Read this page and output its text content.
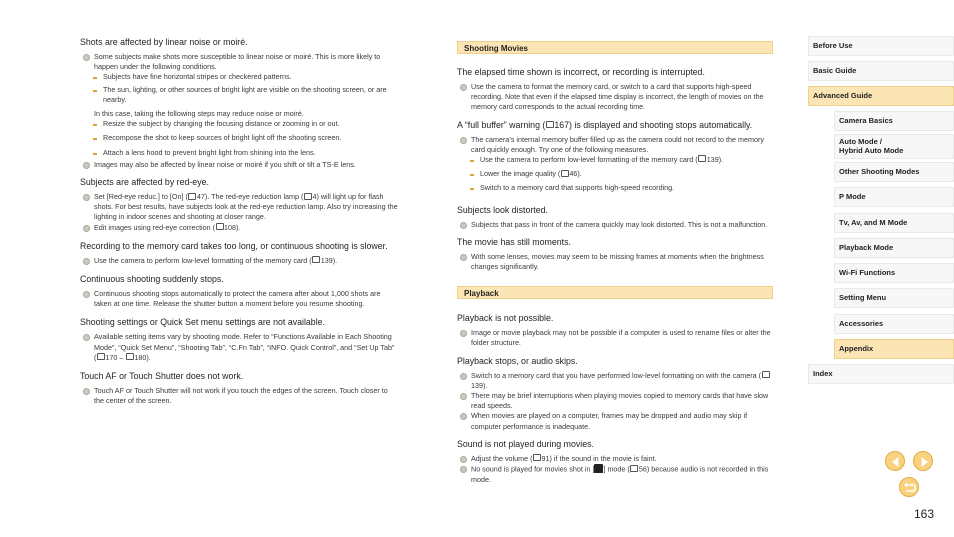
Shots are affected by linear noise or moiré.

Some subjects make shots more susceptible to linear noise or moiré. This is more likely to happen under the following conditions.

Subjects have fine horizontal stripes or checkered patterns.

The sun, lighting, or other sources of bright light are visible on the shooting screen, or are nearby.

In this case, taking the following steps may reduce noise or moiré.

Resize the subject by changing the focusing distance or zooming in or out.

Recompose the shot to keep sources of bright light off the shooting screen.

Attach a lens hood to prevent bright light from shining into the lens.

Images may also be affected by linear noise or moiré if you shift or tilt a TS-E lens.

Subjects are affected by red-eye.

Set [Red-eye reduc.] to [On] ( 47). The red-eye reduction lamp ( 4) will light up for flash shots. For best results, have subjects look at the red-eye reduction lamp. Also try increasing the lighting in indoor scenes and shooting at closer range.

Edit images using red-eye correction ( 108).

Recording to the memory card takes too long, or continuous shooting is slower.

Use the camera to perform low-level formatting of the memory card ( 139).

Continuous shooting suddenly stops.

Continuous shooting stops automatically to protect the camera after about 1,000 shots are taken at one time. Release the shutter button a moment before you resume shooting.

Shooting settings or Quick Set menu settings are not available.

Available setting items vary by shooting mode. Refer to “Functions Available in Each Shooting Mode”, “Quick Set Menu”, “Shooting Tab”, “C.Fn Tab”, “INFO. Quick Control”, and “Set Up Tab” ( 170 – 180).

Touch AF or Touch Shutter does not work.

Touch AF or Touch Shutter will not work if you touch the edges of the screen. Touch closer to the center of the screen.

Shooting Movies

The elapsed time shown is incorrect, or recording is interrupted.

Use the camera to format the memory card, or switch to a card that supports high-speed recording. Note that even if the elapsed time display is incorrect, the length of movies on the memory card corresponds to the actual recording time.

A “full buffer” warning ( 167) is displayed and shooting stops automatically.

The camera’s internal memory buffer filled up as the camera could not record to the memory card quickly enough. Try one of the following measures.

Use the camera to perform low-level formatting of the memory card ( 139).

Lower the image quality ( 46).

Switch to a memory card that supports high-speed recording.

Subjects look distorted.

Subjects that pass in front of the camera quickly may look distorted. This is not a malfunction.

The movie has still moments.

With some lenses, movies may seem to be missing frames at moments when the brightness changes significantly.

Playback

Playback is not possible.

Image or movie playback may not be possible if a computer is used to rename files or alter the folder structure.

Playback stops, or audio skips.

Switch to a memory card that you have performed low-level formatting on with the camera (139).

There may be brief interruptions when playing movies copied to memory cards that have slow read speeds.

When movies are played on a computer, frames may be dropped and audio may skip if computer performance is inadequate.

Sound is not played during movies.

Adjust the volume ( 91) if the sound in the movie is faint.

No sound is played for movies shot in [ ] mode ( 56) because audio is not recorded in this mode.

Before Use
Basic Guide
Advanced Guide
Camera Basics
Auto Mode /
Hybrid Auto Mode
Other Shooting Modes
P Mode
Tv, Av, and M Mode
Playback Mode
Wi-Fi Functions
Setting Menu
Accessories
Appendix
Index
163
